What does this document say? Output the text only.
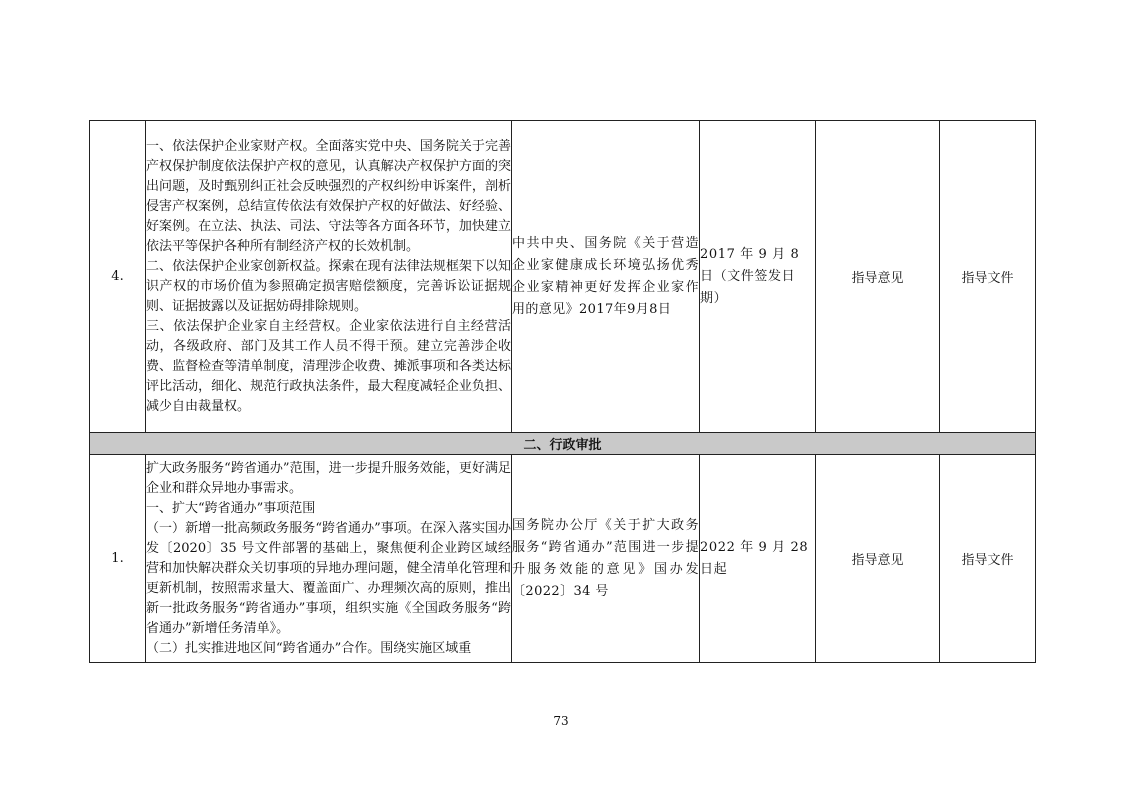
4.	一、依法保护企业家财产权。全面落实党中央、国务院关于完善产权保护制度依法保护产权的意见，认真解决产权保护方面的突出问题，及时甄别纠正社会反映强烈的产权纠纷申诉案件，剖析侵害产权案例，总结宣传依法有效保护产权的好做法、好经验、好案例。在立法、执法、司法、守法等各方面各环节，加快建立依法平等保护各种所有制经济产权的长效机制。

二、依法保护企业家创新权益。探索在现有法律法规框架下以知识产权的市场价值为参照确定损害赔偿额度，完善诉讼证据规则、证据披露以及证据妨碍排除规则。

三、依法保护企业家自主经营权。企业家依法进行自主经营活动，各级政府、部门及其工作人员不得干预。建立完善涉企收费、监督检查等清单制度，清理涉企收费、摊派事项和各类达标评比活动，细化、规范行政执法条件，最大程度减轻企业负担、减少自由裁量权。	中共中央、国务院《关于营造企业家健康成长环境弘扬优秀企业家精神更好发挥企业家作用的意见》2017年9月8日	2017 年 9 月 8 日（文件签发日期）	指导意见	指导文件
二、行政审批					
1.	扩大政务服务“跨省通办”范围，进一步提升服务效能，更好满足企业和群众异地办事需求。

一、扩大“跨省通办”事项范围

（一）新增一批高频政务服务“跨省通办”事项。在深入落实国办发〔2020〕35 号文件部署的基础上，聚焦便利企业跨区域经营和加快解决群众关切事项的异地办理问题，健全清单化管理和更新机制，按照需求量大、覆盖面广、办理频次高的原则，推出新一批政务服务“跨省通办”事项，组织实施《全国政务服务“跨省通办”新增任务清单》。

（二）扎实推进地区间“跨省通办”合作。围绕实施区域重	国务院办公厅《关于扩大政务服务“跨省通办”范围进一步提升服务效能的意见》国办发〔2022〕34 号	2022 年 9 月 28 日起	指导意见	指导文件
73
